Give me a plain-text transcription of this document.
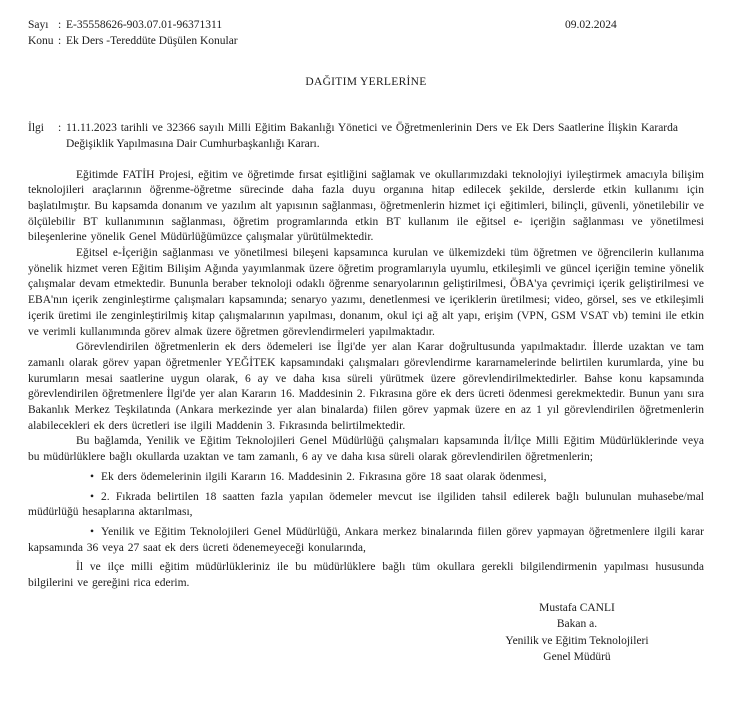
Sayı : E-35558626-903.07.01-96371311	09.02.2024
Konu : Ek Ders -Tereddüte Düşülen Konular
DAĞITIM YERLERİNE
İlgi	: 11.11.2023 tarihli ve 32366 sayılı Milli Eğitim Bakanlığı Yönetici ve Öğretmenlerinin Ders ve Ek Ders Saatlerine İlişkin Kararda Değişiklik Yapılmasına Dair Cumhurbaşkanlığı Kararı.

Eğitimde FATİH Projesi, eğitim ve öğretimde fırsat eşitliğini sağlamak ve okullarımızdaki teknolojiyi iyileştirmek amacıyla bilişim teknolojileri araçlarının öğrenme-öğretme sürecinde daha fazla duyu organına hitap edilecek şekilde, derslerde etkin kullanımı için başlatılmıştır. Bu kapsamda donanım ve yazılım alt yapısının sağlanması, öğretmenlerin hizmet içi eğitimleri, bilinçli, güvenli, yönetilebilir ve ölçülebilir BT kullanımının sağlanması, öğretim programlarında etkin BT kullanım ile eğitsel e- içeriğin sağlanması ve yönetilmesi bileşenlerine yönelik Genel Müdürlüğümüzce çalışmalar yürütülmektedir.

Eğitsel e-İçeriğin sağlanması ve yönetilmesi bileşeni kapsamınca kurulan ve ülkemizdeki tüm öğretmen ve öğrencilerin kullanıma yönelik hizmet veren Eğitim Bilişim Ağında yayımlanmak üzere öğretim programlarıyla uyumlu, etkileşimli ve güncel içeriğin temine yönelik çalışmalar devam etmektedir. Bununla beraber teknoloji odaklı öğrenme senaryolarının geliştirilmesi, ÖBA'ya çevrimiçi içerik geliştirilmesi ve EBA'nın içerik zenginleştirme çalışmaları kapsamında; senaryo yazımı, denetlenmesi ve içeriklerin üretilmesi; video, görsel, ses ve etkileşimli içerik üretimi ile zenginleştirilmiş kitap çalışmalarının yapılması, donanım, okul içi ağ alt yapı, erişim (VPN, GSM VSAT vb) temini ile etkin ve verimli kullanımında görev almak üzere öğretmen görevlendirmeleri yapılmaktadır.

Görevlendirilen öğretmenlerin ek ders ödemeleri ise İlgi'de yer alan Karar doğrultusunda yapılmaktadır. İllerde uzaktan ve tam zamanlı olarak görev yapan öğretmenler YEĞİTEK kapsamındaki çalışmaları görevlendirme kararnamelerinde belirtilen kurumlarda, yine bu kurumların mesai saatlerine uygun olarak, 6 ay ve daha kısa süreli yürütmek üzere görevlendirilmektedirler. Bahse konu kapsamında görevlendirilen öğretmenlere İlgi'de yer alan Kararın 16. Maddesinin 2. Fıkrasına göre ek ders ücreti ödenmesi gerekmektedir. Bunun yanı sıra Bakanlık Merkez Teşkilatında (Ankara merkezinde yer alan binalarda) fiilen görev yapmak üzere en az 1 yıl görevlendirilen öğretmenlerin alabilecekleri ek ders ücretleri ise ilgili Maddenin 3. Fıkrasında belirtilmektedir.

Bu bağlamda, Yenilik ve Eğitim Teknolojileri Genel Müdürlüğü çalışmaları kapsamında İl/İlçe Milli Eğitim Müdürlüklerinde veya bu müdürlüklere bağlı okullarda uzaktan ve tam zamanlı, 6 ay ve daha kısa süreli olarak görevlendirilen öğretmenlerin;

• Ek ders ödemelerinin ilgili Kararın 16. Maddesinin 2. Fıkrasına göre 18 saat olarak ödenmesi,

• 2. Fıkrada belirtilen 18 saatten fazla yapılan ödemeler mevcut ise ilgiliden tahsil edilerek bağlı bulunulan muhasebe/mal müdürlüğü hesaplarına aktarılması,

• Yenilik ve Eğitim Teknolojileri Genel Müdürlüğü, Ankara merkez binalarında fiilen görev yapmayan öğretmenlere ilgili karar kapsamında 36 veya 27 saat ek ders ücreti ödenemeyeceği konularında,

İl ve ilçe milli eğitim müdürlükleriniz ile bu müdürlüklere bağlı tüm okullara gerekli bilgilendirmenin yapılması hususunda bilgilerini ve gereğini rica ederim.

Mustafa CANLI
Bakan a.
Yenilik ve Eğitim Teknolojileri
Genel Müdürü
